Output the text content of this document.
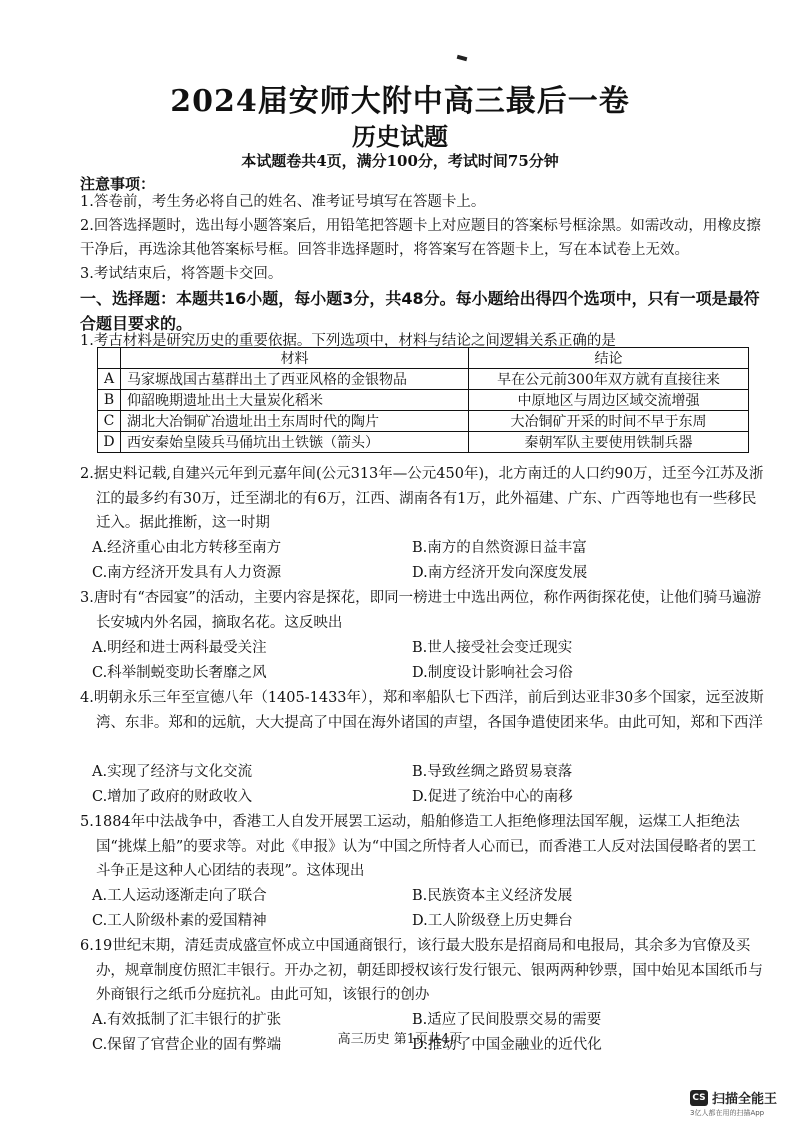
2024届安师大附中高三最后一卷
历史试题
本试题卷共4页，满分100分，考试时间75分钟
注意事项：
1.答卷前，考生务必将自己的姓名、准考证号填写在答题卡上。
2.回答选择题时，选出每小题答案后，用铅笔把答题卡上对应题目的答案标号框涂黑。如需改动，用橡皮擦干净后，再选涂其他答案标号框。回答非选择题时，将答案写在答题卡上，写在本试卷上无效。
3.考试结束后，将答题卡交回。
一、选择题：本题共16小题，每小题3分，共48分。每小题给出得四个选项中，只有一项是最符合题目要求的。
1.考古材料是研究历史的重要依据。下列选项中，材料与结论之间逻辑关系正确的是
	材料	结论
A	马家塬战国古墓群出土了西亚风格的金银物品	早在公元前300年双方就有直接往来
B	仰韶晚期遗址出土大量炭化稻米	中原地区与周边区域交流增强
C	湖北大冶铜矿冶遗址出土东周时代的陶片	大冶铜矿开采的时间不早于东周
D	西安秦始皇陵兵马俑坑出土铁镞（箭头）	秦朝军队主要使用铁制兵器
2.据史料记载,自建兴元年到元嘉年间(公元313年—公元450年)，北方南迁的人口约90万，迁至今江苏及浙江的最多约有30万，迁至湖北的有6万，江西、湖南各有1万，此外福建、广东、广西等地也有一些移民迁入。据此推断，这一时期
A.经济重心由北方转移至南方	B.南方的自然资源日益丰富
C.南方经济开发具有人力资源	D.南方经济开发向深度发展
3.唐时有“杏园宴”的活动，主要内容是探花，即同一榜进士中选出两位，称作两街探花使，让他们骑马遍游长安城内外名园，摘取名花。这反映出
A.明经和进士两科最受关注	B.世人接受社会变迁现实
C.科举制蜕变助长奢靡之风	D.制度设计影响社会习俗
4.明朝永乐三年至宣德八年（1405-1433年），郑和率船队七下西洋，前后到达亚非30多个国家，远至波斯湾、东非。郑和的远航，大大提高了中国在海外诸国的声望，各国争遣使团来华。由此可知，郑和下西洋
A.实现了经济与文化交流	B.导致丝绸之路贸易衰落
C.增加了政府的财政收入	D.促进了统治中心的南移
5.1884年中法战争中，香港工人自发开展罢工运动，船舶修造工人拒绝修理法国军舰，运煤工人拒绝法国“挑煤上船”的要求等。对此《申报》认为“中国之所恃者人心而已，而香港工人反对法国侵略者的罢工斗争正是这种人心团结的表现”。这体现出
A.工人运动逐渐走向了联合	B.民族资本主义经济发展
C.工人阶级朴素的爱国精神	D.工人阶级登上历史舞台
6.19世纪末期，清廷责成盛宣怀成立中国通商银行，该行最大股东是招商局和电报局，其余多为官僚及买办，规章制度仿照汇丰银行。开办之初，朝廷即授权该行发行银元、银两两种钞票，国中始见本国纸币与外商银行之纸币分庭抗礼。由此可知，该银行的创办
A.有效抵制了汇丰银行的扩张	B.适应了民间股票交易的需要
C.保留了官营企业的固有弊端	D.推动了中国金融业的近代化
高三历史 第1页共4页
CS 扫描全能王
3亿人都在用的扫描App
